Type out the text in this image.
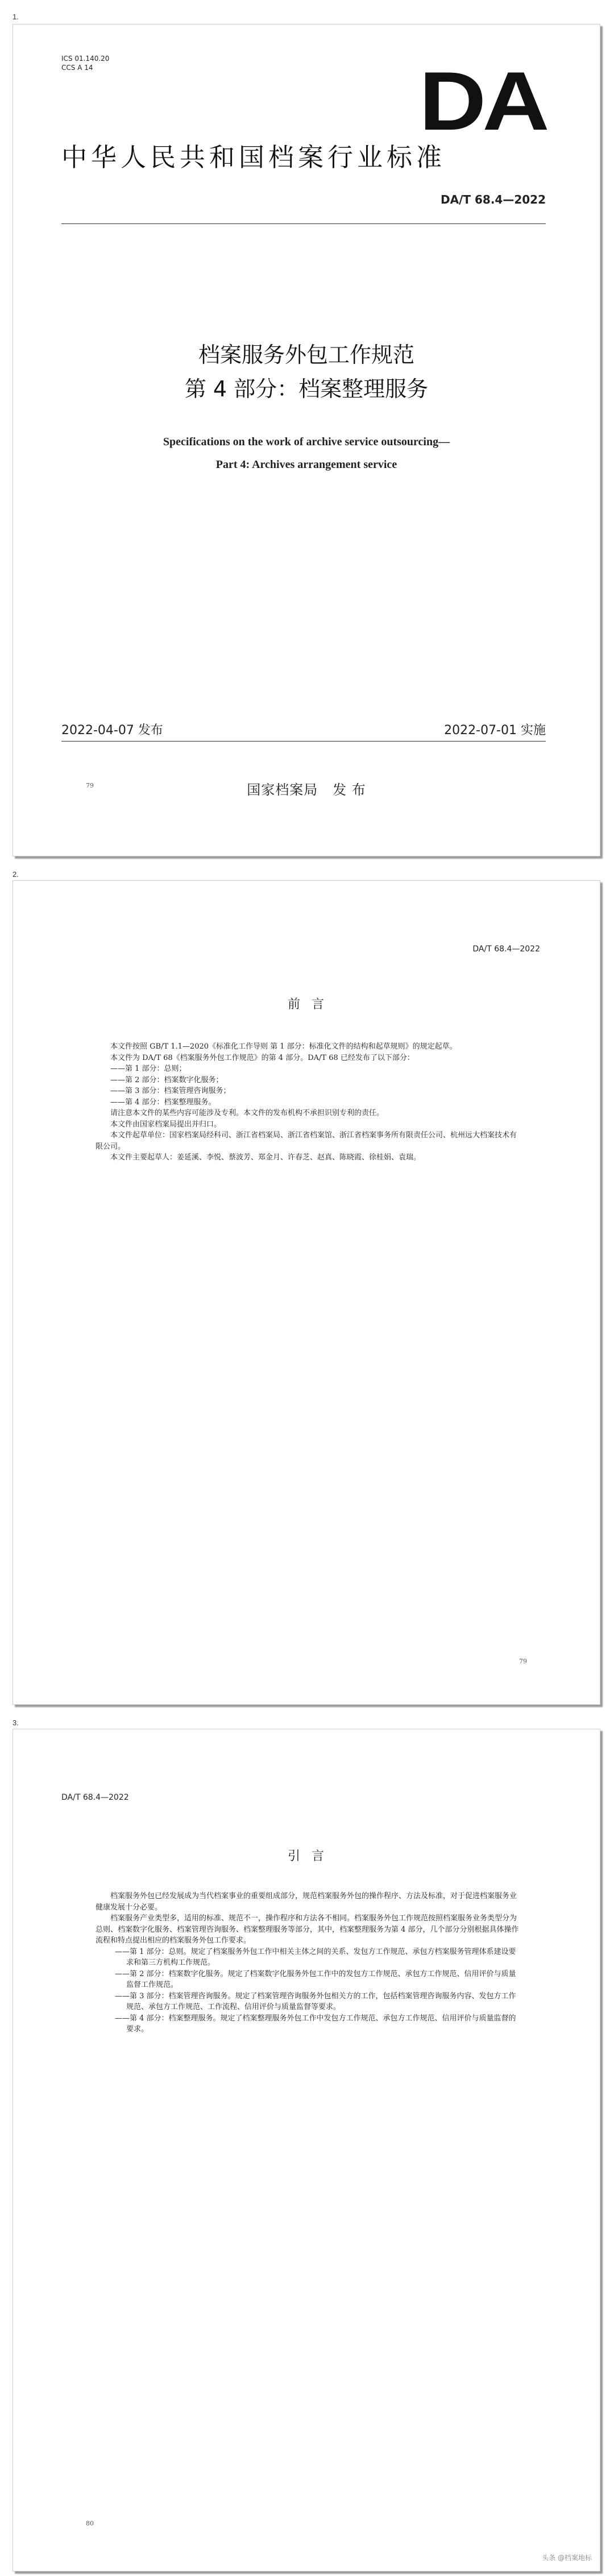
1.
ICS 01.140.20
CCS A 14	DA
中华人民共和国档案行业标准
DA/T 68.4—2022
档案服务外包工作规范
第 4 部分：档案整理服务
Specifications on the work of archive service outsourcing—
Part 4: Archives arrangement service
2022-04-07 发布	2022-07-01 实施
79	国家档案局   发 布
2.
DA/T 68.4—2022
前  言

本文件按照 GB/T 1.1—2020《标准化工作导则 第 1 部分：标准化文件的结构和起草规则》的规定起草。

本文件为 DA/T 68《档案服务外包工作规范》的第 4 部分。DA/T 68 已经发布了以下部分：

——第 1 部分：总则；

——第 2 部分：档案数字化服务；

——第 3 部分：档案管理咨询服务；

——第 4 部分：档案整理服务。

请注意本文件的某些内容可能涉及专利。本文件的发布机构不承担识别专利的责任。

本文件由国家档案局提出并归口。

本文件起草单位：国家档案局经科司、浙江省档案局、浙江省档案馆、浙江省档案事务所有限责任公司、杭州远大档案技术有限公司。

本文件主要起草人：姜延溪、李悦、蔡波芳、郑金月、许春芝、赵真、陈晓霞、徐桂娟、袁瑞。

79
3.
DA/T 68.4—2022
引  言

档案服务外包已经发展成为当代档案事业的重要组成部分，规范档案服务外包的操作程序、方法及标准，对于促进档案服务业健康发展十分必要。

档案服务产业类型多，适用的标准、规范不一，操作程序和方法各不相同。档案服务外包工作规范按照档案服务业务类型分为总则、档案数字化服务、档案管理咨询服务、档案整理服务等部分，其中，档案整理服务为第 4 部分，几个部分分别根据具体操作流程和特点提出相应的档案服务外包工作要求。

——第 1 部分：总则。规定了档案服务外包工作中相关主体之间的关系、发包方工作规范、承包方档案服务管理体系建设要求和第三方机构工作规范。

——第 2 部分：档案数字化服务。规定了档案数字化服务外包工作中的发包方工作规范、承包方工作规范、信用评价与质量监督工作规范。

——第 3 部分：档案管理咨询服务。规定了档案管理咨询服务外包相关方的工作，包括档案管理咨询服务内容、发包方工作规范、承包方工作规范、工作流程、信用评价与质量监督等要求。

——第 4 部分：档案整理服务。规定了档案整理服务外包工作中发包方工作规范、承包方工作规范、信用评价与质量监督的要求。

80
头条 @档案地标
